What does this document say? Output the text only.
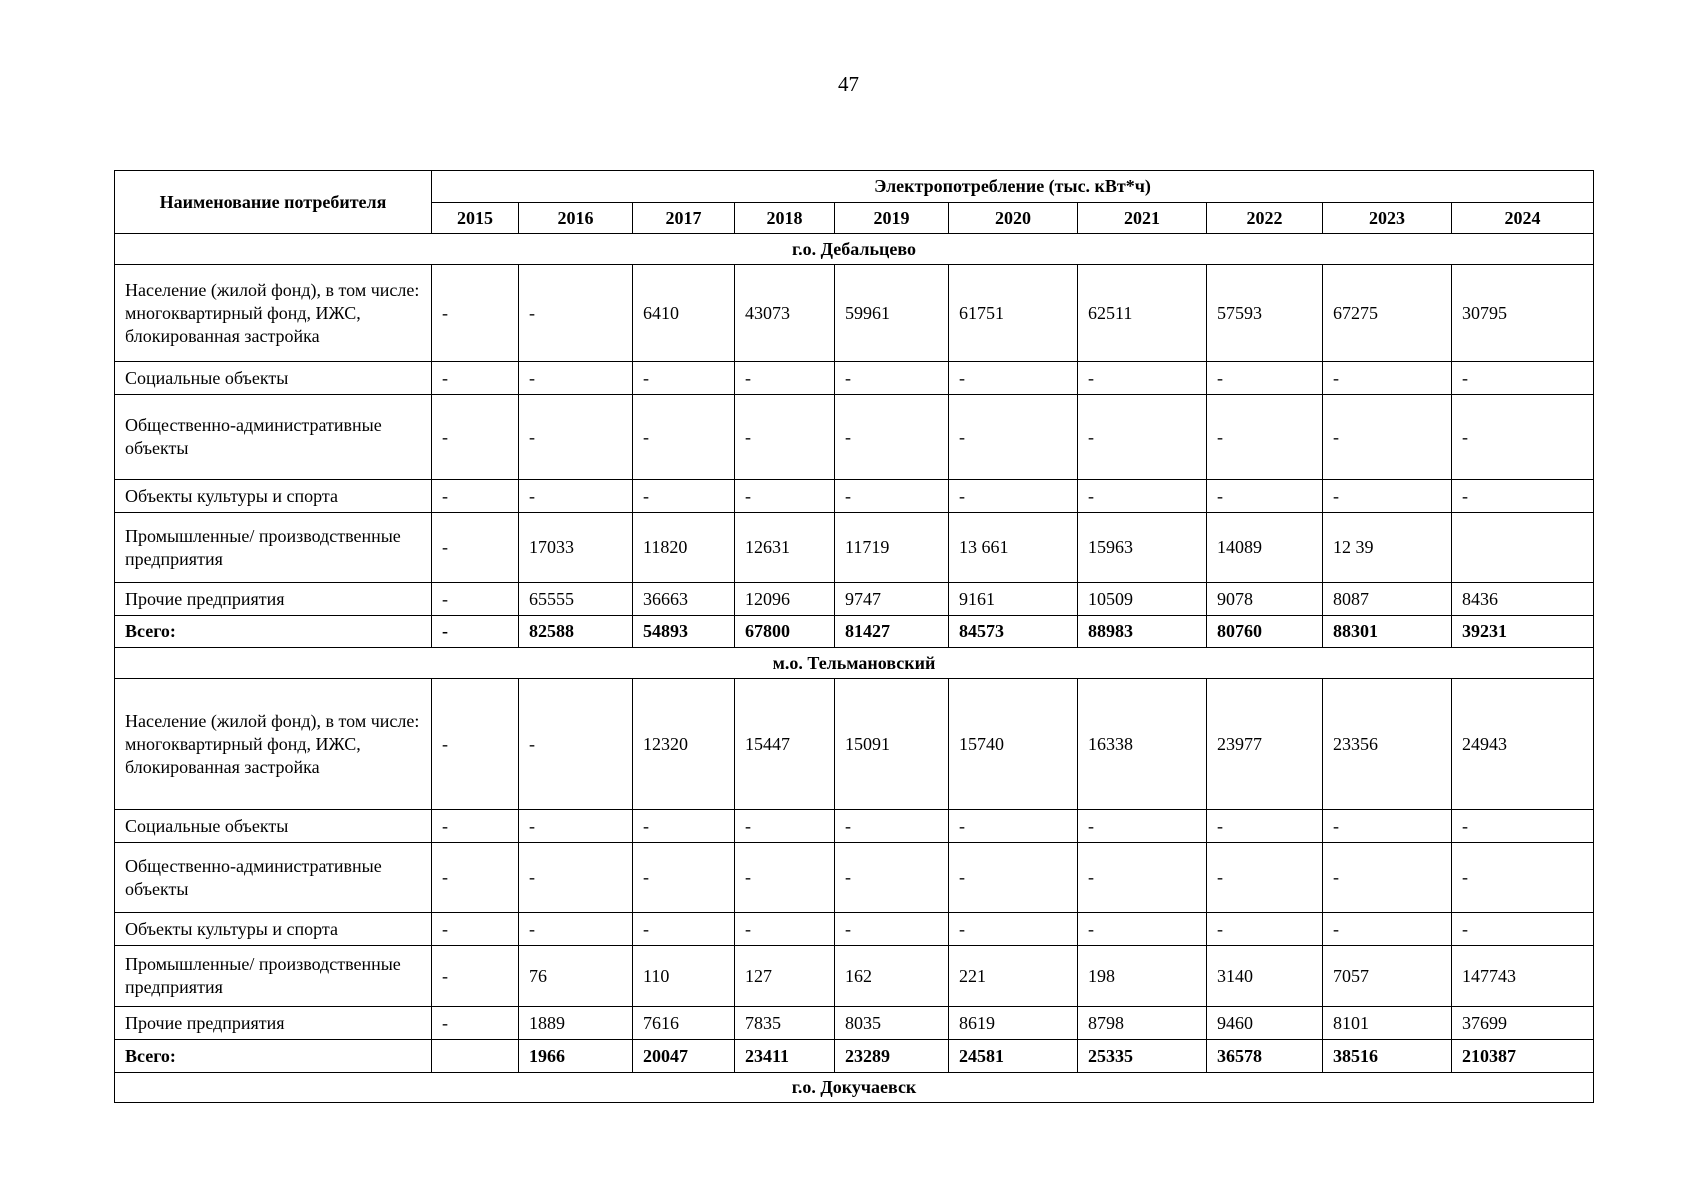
47
Наименование потребителя	Электропотребление (тыс. кВт*ч)									
	2015	2016	2017	2018	2019	2020	2021	2022	2023	2024
г.о. Дебальцево										
Население (жилой фонд), в том числе: многоквартирный фонд, ИЖС, блокированная застройка	-	-	6410	43073	59961	61751	62511	57593	67275	30795
Социальные объекты	-	-	-	-	-	-	-	-	-	-
Общественно-административные объекты	-	-	-	-	-	-	-	-	-	-
Объекты культуры и спорта	-	-	-	-	-	-	-	-	-	-
Промышленные/ производственные предприятия	-	17033	11820	12631	11719	13 661	15963	14089	12 39	
Прочие предприятия	-	65555	36663	12096	9747	9161	10509	9078	8087	8436
Всего:	-	82588	54893	67800	81427	84573	88983	80760	88301	39231
м.о. Тельмановский										
Население (жилой фонд), в том числе: многоквартирный фонд, ИЖС, блокированная застройка	-	-	12320	15447	15091	15740	16338	23977	23356	24943
Социальные объекты	-	-	-	-	-	-	-	-	-	-
Общественно-административные объекты	-	-	-	-	-	-	-	-	-	-
Объекты культуры и спорта	-	-	-	-	-	-	-	-	-	-
Промышленные/ производственные предприятия	-	76	110	127	162	221	198	3140	7057	147743
Прочие предприятия	-	1889	7616	7835	8035	8619	8798	9460	8101	37699
Всего:		1966	20047	23411	23289	24581	25335	36578	38516	210387
г.о. Докучаевск										
